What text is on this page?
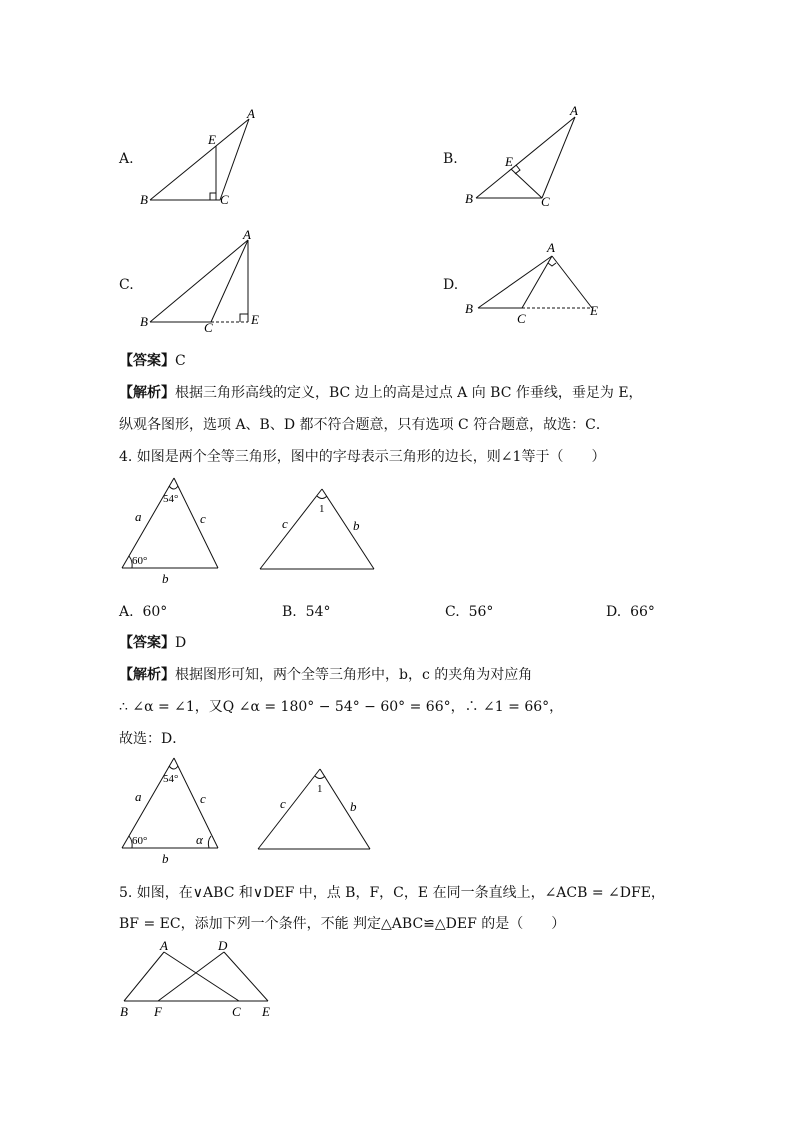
A.
A
E
B	C
B.
A
E
B	C
C.
A
B	C
E
D.
A
B
C
E
【答案】C
【解析】根据三角形高线的定义，BC 边上的高是过点 A 向 BC 作垂线，垂足为 E，
纵观各图形，选项 A、B、D 都不符合题意，只有选项 C 符合题意，故选：C．
4. 如图是两个全等三角形，图中的字母表示三角形的边长，则∠1等于（　　）
54°
60°
a	c
b
1
c	b
A. 60°	B. 54°	C. 56°	D. 66°
【答案】D
【解析】根据图形可知，两个全等三角形中，b，c 的夹角为对应角
∴ ∠α = ∠1，又Q ∠α = 180° − 54° − 60° = 66°，∴ ∠1 = 66°，
故选：D．
54°
60°	α
a	c
b
1
c	b
5. 如图，在∨ABC 和∨DEF 中，点 B，F，C，E 在同一条直线上，∠ACB = ∠DFE，
BF = EC，添加下列一个条件，不能 判定△ABC≌△DEF 的是（　　）
A	D
B F	C E
